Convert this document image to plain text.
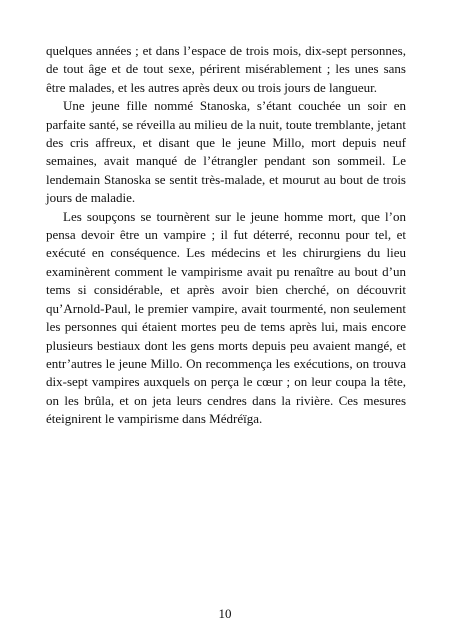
quelques années ; et dans l’espace de trois mois, dix-sept personnes, de tout âge et de tout sexe, périrent misérablement ; les unes sans être malades, et les autres après deux ou trois jours de langueur.

Une jeune fille nommé Stanoska, s’étant couchée un soir en parfaite santé, se réveilla au milieu de la nuit, toute tremblante, jetant des cris affreux, et disant que le jeune Millo, mort depuis neuf semaines, avait manqué de l’étrangler pendant son sommeil. Le lendemain Stanoska se sentit très-malade, et mourut au bout de trois jours de maladie.

Les soupçons se tournèrent sur le jeune homme mort, que l’on pensa devoir être un vampire ; il fut déterré, reconnu pour tel, et exécuté en conséquence. Les médecins et les chirurgiens du lieu examinèrent comment le vampirisme avait pu renaître au bout d’un tems si considérable, et après avoir bien cherché, on découvrit qu’Arnold-Paul, le premier vampire, avait tourmenté, non seulement les personnes qui étaient mortes peu de tems après lui, mais encore plusieurs bestiaux dont les gens morts depuis peu avaient mangé, et entr’autres le jeune Millo. On recommença les exécutions, on trouva dix-sept vampires auxquels on perça le cœur ; on leur coupa la tête, on les brûla, et on jeta leurs cendres dans la rivière. Ces mesures éteignirent le vampirisme dans Médréïga.

10
